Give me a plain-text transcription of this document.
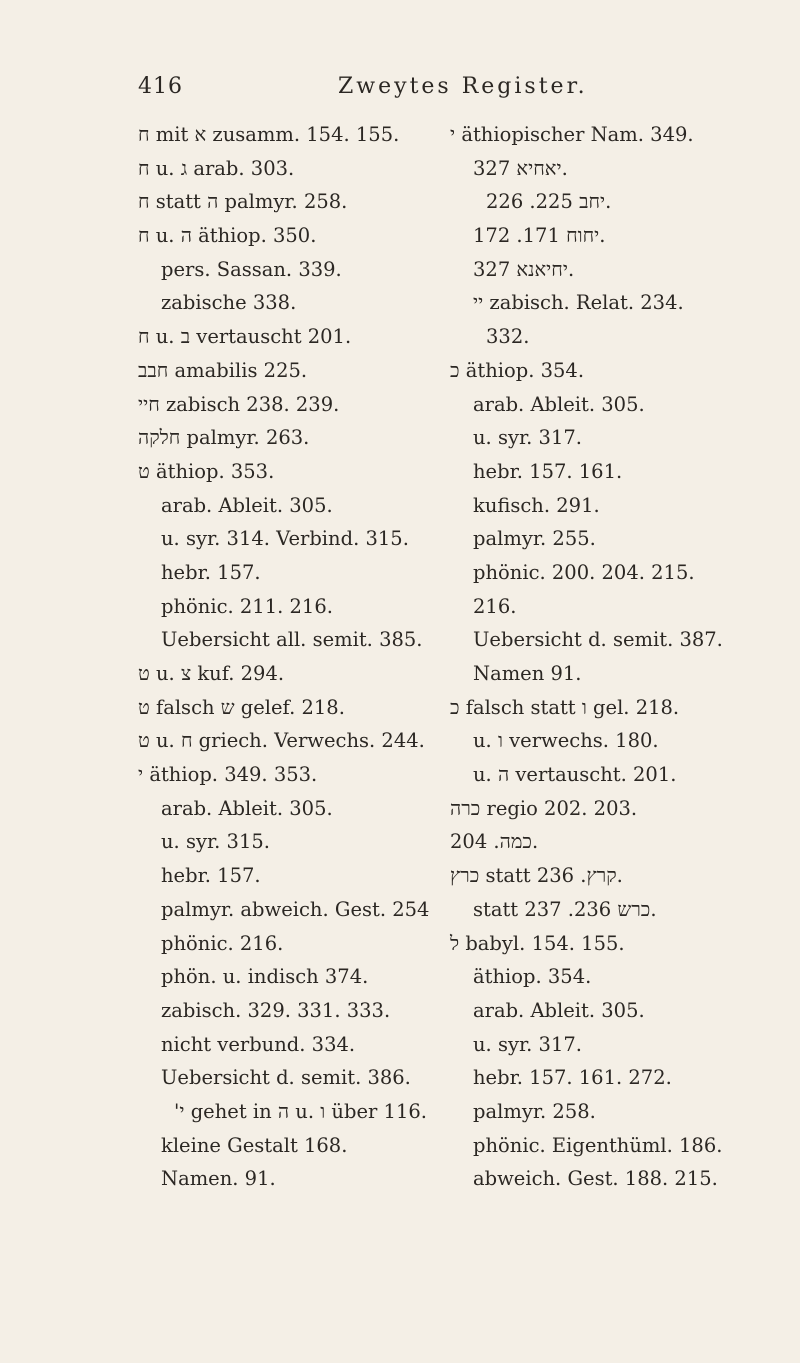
416	Zweytes Register.
ח mit א zusamm. 154. 155.
ח u. ג arab. 303.
ח statt ה palmyr. 258.
ח u. ה äthiop. 350.
pers. Sassan. 339.
zabische 338.
ח u. ב vertauscht 201.
חבב amabilis 225.
חיי zabisch 238. 239.
חלקה palmyr. 263.
ט äthiop. 353.
arab. Ableit. 305.
u. syr. 314. Verbind. 315.
hebr. 157.
phönic. 211. 216.
Uebersicht all. semit. 385.
ט u. צ kuf. 294.
ט falsch ש gelef. 218.
ט u. ח griech. Verwechs. 244.
י äthiop. 349. 353.
arab. Ableit. 305.
u. syr. 315.
hebr. 157.
palmyr. abweich. Gest. 254
phönic. 216.
phön. u. indisch 374.
zabisch. 329. 331. 333.
nicht verbund. 334.
Uebersicht d. semit. 386.
'י gehet in ה u. ו über 116.
kleine Gestalt 168.
Namen. 91.
י äthiopischer Nam. 349.
יאחיא 327.
יחב 225. 226.
יחוח 171. 172.
יחיאנא 327.
יי zabisch. Relat. 234.
332.
כ äthiop. 354.
arab. Ableit. 305.
u. syr. 317.
hebr. 157. 161.
kufisch. 291.
palmyr. 255.
phönic. 200. 204. 215.
216.
Uebersicht d. semit. 387.
Namen 91.
כ falsch statt ו gel. 218.
u. ו verwechs. 180.
u. ה vertauscht. 201.
כרה regio 202. 203.
כמה. 204.
כרץ statt קרץ. 236.
statt כרש 236. 237.
ל babyl. 154. 155.
äthiop. 354.
arab. Ableit. 305.
u. syr. 317.
hebr. 157. 161. 272.
palmyr. 258.
phönic. Eigenthüml. 186.
abweich. Gest. 188. 215.
